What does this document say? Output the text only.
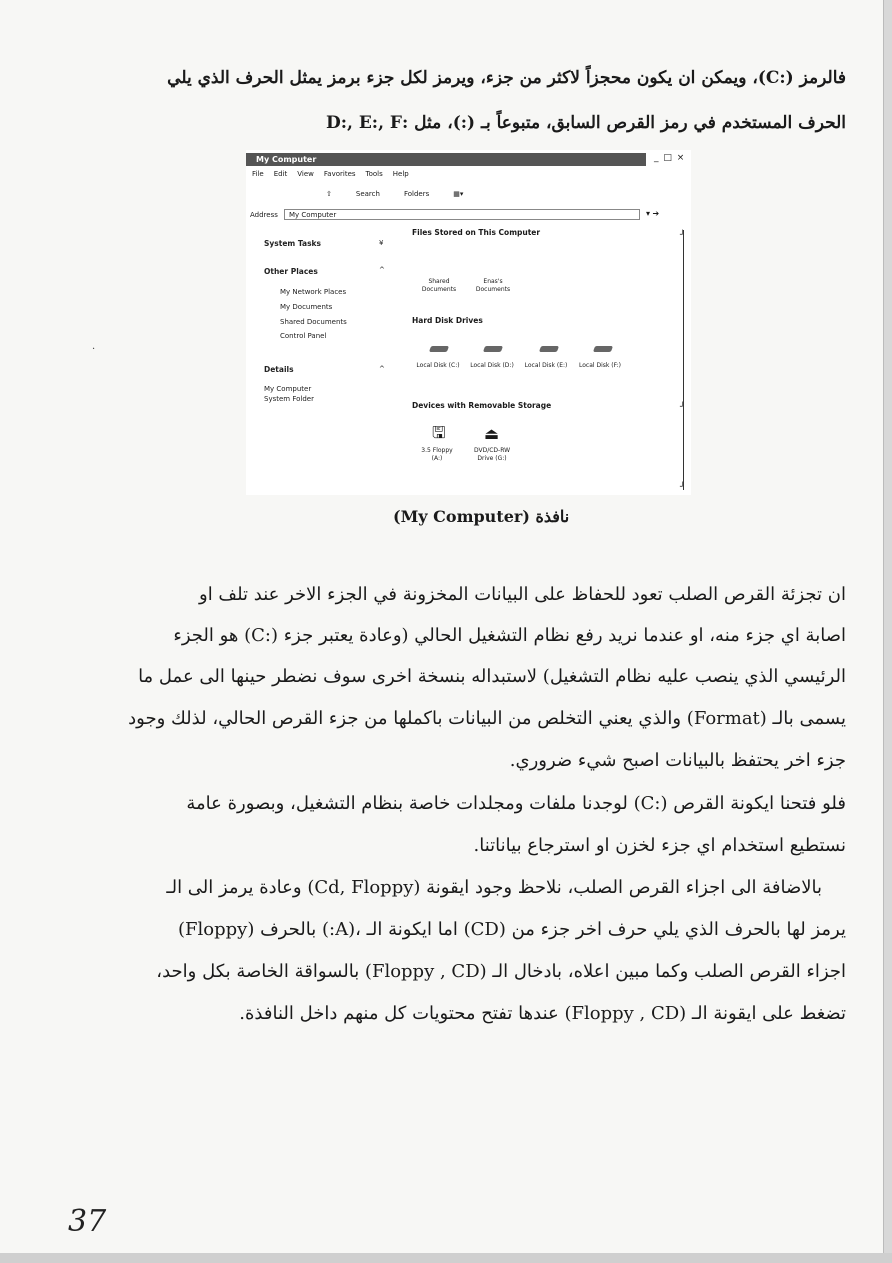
فالرمز (:C)، ويمكن ان يكون محجزاً لاكثر من جزء، ويرمز لكل جزء برمز يمثل الحرف الذي يلي
الحرف المستخدم في رمز القرص السابق، متبوعاً بـ (:)، مثل :D:, E:, F
My Computer	_ □ ×
File Edit View Favorites Tools Help
⇧	Search	Folders	▦▾
Address	My Computer	▾ ➔
System Tasks	¥
Other Places	^
My Network Places
My Documents
Shared Documents
Control Panel
Details	^
My Computer
System Folder
Files Stored on This Computer
Shared
Documents
Enas's
Documents
Hard Disk Drives
Local Disk (C:)	Local Disk (D:)	Local Disk (E:)	Local Disk (F:)
Devices with Removable Storage
🖫 ⏏
3.5 Floppy
(A:)
DVD/CD-RW
Drive (G:)
┘
┘
┘
نافذة (My Computer)
ان تجزئة القرص الصلب تعود للحفاظ على البيانات المخزونة في الجزء الاخر عند تلف او
اصابة اي جزء منه، او عندما نريد رفع نظام التشغيل الحالي (وعادة يعتبر جزء (:C) هو الجزء
الرئيسي الذي ينصب عليه نظام التشغيل) لاستبداله بنسخة اخرى سوف نضطر حينها الى عمل ما
يسمى بالـ (Format) والذي يعني التخلص من البيانات باكملها من جزء القرص الحالي، لذلك وجود
جزء اخر يحتفظ بالبيانات اصبح شيء ضروري.
فلو فتحنا ايكونة القرص (:C) لوجدنا ملفات ومجلدات خاصة بنظام التشغيل، وبصورة عامة
نستطيع استخدام اي جزء لخزن او استرجاع بياناتنا.
بالاضافة الى اجزاء القرص الصلب، نلاحظ وجود ايقونة (Cd, Floppy) وعادة يرمز الى الـ
(Floppy) بالحرف (:A)، اما ايكونة الـ (CD) يرمز لها بالحرف الذي يلي حرف اخر جزء من
اجزاء القرص الصلب وكما مبين اعلاه، بادخال الـ (Floppy , CD) بالسواقة الخاصة بكل واحد،
تضغط على ايقونة الـ (Floppy , CD) عندها تفتح محتويات كل منهم داخل النافذة.
·
37
